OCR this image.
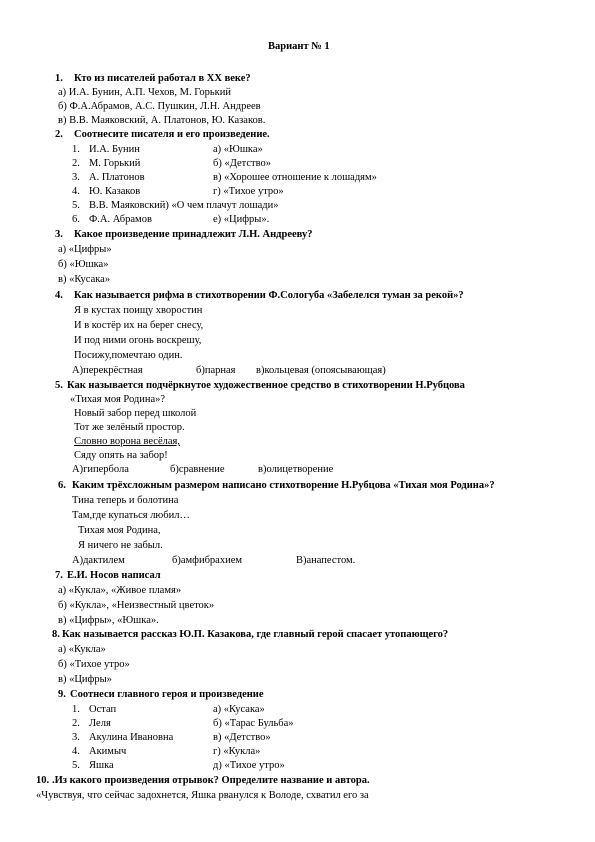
Вариант № 1
1. Кто из писателей работал в XX веке?
а) И.А. Бунин, А.П. Чехов, М. Горький
б) Ф.А.Абрамов, А.С. Пушкин, Л.Н. Андреев
в) В.В. Маяковский, А. Платонов, Ю. Казаков.
2. Соотнесите писателя и его произведение.
1. И.А. Бунин	а) «Юшка»
2. М. Горький	б) «Детство»
3. А. Платонов	в) «Хорошее отношение к лошадям»
4. Ю. Казаков	г) «Тихое утро»
5. В.В. Маяковский) «О чем плачут лошади»
6. Ф.А. Абрамов	е) «Цифры».
3. Какое произведение принадлежит Л.Н. Андрееву?
а) «Цифры»
б) «Юшка»
в) «Кусака»
4. Как называется рифма в стихотворении Ф.Сологуба «Забелелся туман за рекой»?
Я в кустах поищу хворостин
И в костёр их на берег снесу,
И под ними огонь воскрешу,
Посижу,помечтаю один.
А)перекрёстная	б)парная в)кольцевая (опоясывающая)
5. Как называется подчёркнутое художественное средство в стихотворении Н.Рубцова
«Тихая моя Родина»?
Новый забор перед школой
Тот же зелёный простор.
Словно ворона весёлая,
Сяду опять на забор!
А)гипербола	б)сравнение	в)олицетворение
6. Каким трёхсложным размером написано стихотворение Н.Рубцова «Тихая моя Родина»?
Тина теперь и болотина
Там,где купаться любил…
Тихая моя Родина,
Я ничего не забыл.
А)дактилем	б)амфибрахием	В)анапестом.
7. Е.И. Носов написал
а) «Кукла», «Живое пламя»
б) «Кукла», «Неизвестный цветок»
в) «Цифры», «Юшка».
8. Как называется рассказ Ю.П. Казакова, где главный герой спасает утопающего?
а) «Кукла»
б) «Тихое утро»
в) «Цифры»
9. Соотнеси главного героя и произведение
1. Остап	а) «Кусака»
2. Леля	б) «Тарас Бульба»
3. Акулина Ивановна	в) «Детство»
4. Акимыч	г) «Кукла»
5. Яшка	д) «Тихое утро»
10. .Из какого произведения отрывок? Определите название и автора.
«Чувствуя, что сейчас задохнется, Яшка рванулся к Володе, схватил его за
